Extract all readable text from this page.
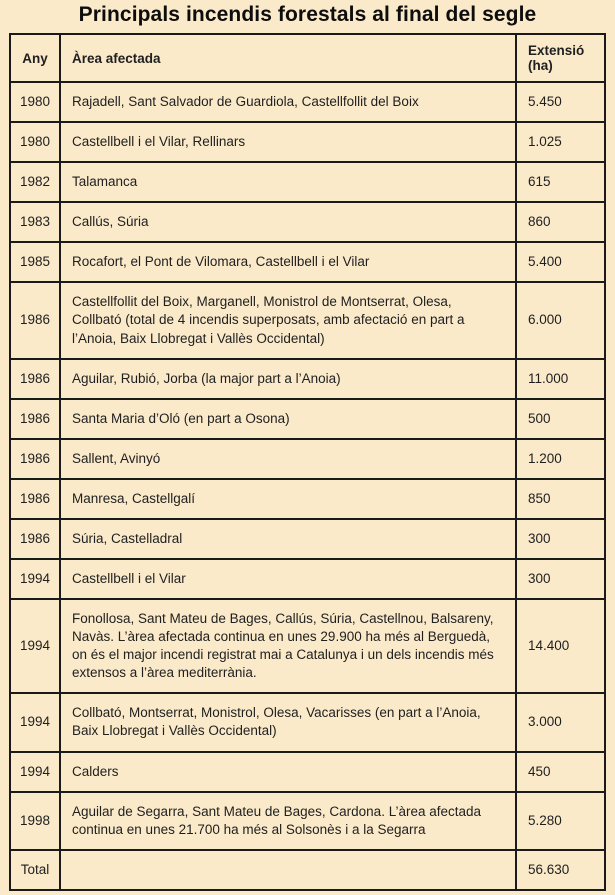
Principals incendis forestals al final del segle
Any	Àrea afectada	Extensió (ha)
1980	Rajadell, Sant Salvador de Guardiola, Castellfollit del Boix	5.450
1980	Castellbell i el Vilar, Rellinars	1.025
1982	Talamanca	615
1983	Callús, Súria	860
1985	Rocafort, el Pont de Vilomara, Castellbell i el Vilar	5.400
1986	Castellfollit del Boix, Marganell, Monistrol de Montserrat, Olesa, Collbató (total de 4 incendis superposats, amb afectació en part a l’Anoia, Baix Llobregat i Vallès Occidental)	6.000
1986	Aguilar, Rubió, Jorba (la major part a l’Anoia)	11.000
1986	Santa Maria d’Oló (en part a Osona)	500
1986	Sallent, Avinyó	1.200
1986	Manresa, Castellgalí	850
1986	Súria, Castelladral	300
1994	Castellbell i el Vilar	300
1994	Fonollosa, Sant Mateu de Bages, Callús, Súria, Castellnou, Balsareny, Navàs. L’àrea afectada continua en unes 29.900 ha més al Berguedà, on és el major incendi registrat mai a Catalunya i un dels incendis més extensos a l’àrea mediterrània.	14.400
1994	Collbató, Montserrat, Monistrol, Olesa, Vacarisses (en part a l’Anoia, Baix Llobregat i Vallès Occidental)	3.000
1994	Calders	450
1998	Aguilar de Segarra, Sant Mateu de Bages, Cardona. L’àrea afectada continua en unes 21.700 ha més al Solsonès i a la Segarra	5.280
Total		56.630
